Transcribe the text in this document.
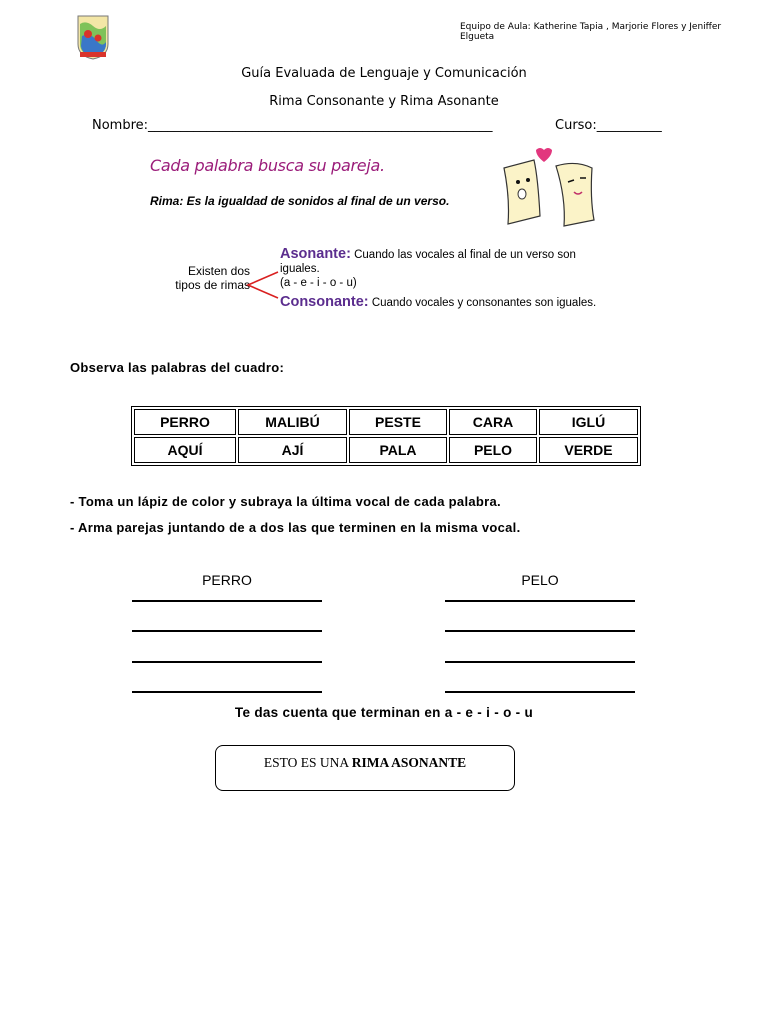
Equipo de Aula: Katherine Tapia , Marjorie Flores y Jeniffer Elgueta
Guía Evaluada de Lenguaje y Comunicación
Rima Consonante y Rima Asonante
Nombre:_____________________________________________________	Curso:__________
Cada palabra busca su pareja.
Rima: Es la igualdad de sonidos al final de un verso.
Existen dos tipos de rimas
Asonante: Cuando las vocales al final de un verso son iguales.
(a - e - i - o - u)
Consonante: Cuando vocales y consonantes son iguales.
Observa las palabras del cuadro:
PERRO	MALIBÚ	PESTE	CARA	IGLÚ
AQUÍ	AJÍ	PALA	PELO	VERDE
- Toma un lápiz de color y subraya la última vocal de cada palabra.
- Arma parejas juntando de a dos las que terminen en la misma vocal.
PERRO	PELO
Te das cuenta que terminan en a - e - i - o - u
ESTO ES UNA RIMA ASONANTE
